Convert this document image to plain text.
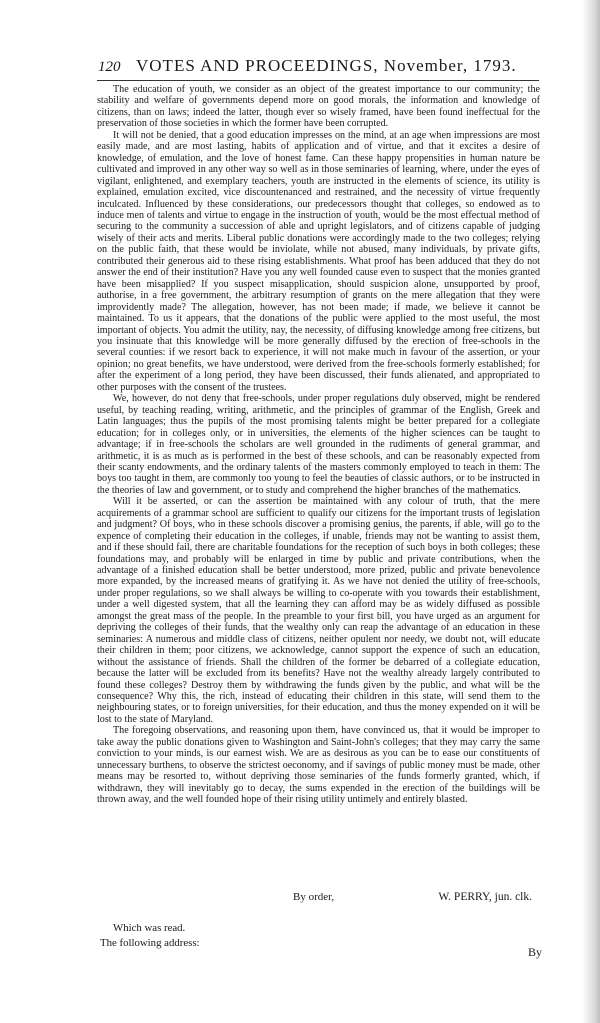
120 VOTES AND PROCEEDINGS, November, 1793.

The education of youth, we consider as an object of the greatest importance to our community; the stability and welfare of governments depend more on good morals, the information and knowledge of citizens, than on laws; indeed the latter, though ever so wisely framed, have been found ineffectual for the preservation of those societies in which the former have been corrupted.

It will not be denied, that a good education impresses on the mind, at an age when impressions are most easily made, and are most lasting, habits of application and of virtue, and that it excites a desire of knowledge, of emulation, and the love of honest fame. Can these happy propensities in human nature be cultivated and improved in any other way so well as in those seminaries of learning, where, under the eyes of vigilant, enlightened, and exemplary teachers, youth are instructed in the elements of science, its utility is explained, emulation excited, vice discountenanced and restrained, and the necessity of virtue frequently inculcated. Influenced by these considerations, our predecessors thought that colleges, so endowed as to induce men of talents and virtue to engage in the instruction of youth, would be the most effectual method of securing to the community a succession of able and upright legislators, and of citizens capable of judging wisely of their acts and merits. Liberal public donations were accordingly made to the two colleges; relying on the public faith, that these would be inviolate, while not abused, many individuals, by private gifts, contributed their generous aid to these rising establishments. What proof has been adduced that they do not answer the end of their institution? Have you any well founded cause even to suspect that the monies granted have been misapplied? If you suspect misapplication, should suspicion alone, unsupported by proof, authorise, in a free government, the arbitrary resumption of grants on the mere allegation that they were improvidently made? The allegation, however, has not been made; if made, we believe it cannot be maintained. To us it appears, that the donations of the public were applied to the most useful, the most important of objects. You admit the utility, nay, the necessity, of diffusing knowledge among free citizens, but you insinuate that this knowledge will be more generally diffused by the erection of free-schools in the several counties: if we resort back to experience, it will not make much in favour of the assertion, or your opinion; no great benefits, we have understood, were derived from the free-schools formerly established; for after the experiment of a long period, they have been discussed, their funds alienated, and appropriated to other purposes with the consent of the trustees.

We, however, do not deny that free-schools, under proper regulations duly observed, might be rendered useful, by teaching reading, writing, arithmetic, and the principles of grammar of the English, Greek and Latin languages; thus the pupils of the most promising talents might be better prepared for a collegiate education; for in colleges only, or in universities, the elements of the higher sciences can be taught to advantage; if in free-schools the scholars are well grounded in the rudiments of general grammar, and arithmetic, it is as much as is performed in the best of these schools, and can be reasonably expected from their scanty endowments, and the ordinary talents of the masters commonly employed to teach in them: The boys too taught in them, are commonly too young to feel the beauties of classic authors, or to be instructed in the theories of law and government, or to study and comprehend the higher branches of the mathematics.

Will it be asserted, or can the assertion be maintained with any colour of truth, that the mere acquirements of a grammar school are sufficient to qualify our citizens for the important trusts of legislation and judgment? Of boys, who in these schools discover a promising genius, the parents, if able, will go to the expence of completing their education in the colleges, if unable, friends may not be wanting to assist them, and if these should fail, there are charitable foundations for the reception of such boys in both colleges; these foundations may, and probably will be enlarged in time by public and private contributions, when the advantage of a finished education shall be better understood, more prized, public and private benevolence more expanded, by the increased means of gratifying it. As we have not denied the utility of free-schools, under proper regulations, so we shall always be willing to co-operate with you towards their establishment, under a well digested system, that all the learning they can afford may be as widely diffused as possible amongst the great mass of the people. In the preamble to your first bill, you have urged as an argument for depriving the colleges of their funds, that the wealthy only can reap the advantage of an education in these seminaries: A numerous and middle class of citizens, neither opulent nor needy, we doubt not, will educate their children in them; poor citizens, we acknowledge, cannot support the expence of such an education, without the assistance of friends. Shall the children of the former be debarred of a collegiate education, because the latter will be excluded from its benefits? Have not the wealthy already largely contributed to found these colleges? Destroy them by withdrawing the funds given by the public, and what will be the consequence? Why this, the rich, instead of educating their children in this state, will send them to the neighbouring states, or to foreign universities, for their education, and thus the money expended on it will be lost to the state of Maryland.

The foregoing observations, and reasoning upon them, have convinced us, that it would be improper to take away the public donations given to Washington and Saint-John's colleges; that they may carry the same conviction to your minds, is our earnest wish. We are as desirous as you can be to ease our constituents of unnecessary burthens, to observe the strictest oeconomy, and if savings of public money must be made, other means may be resorted to, without depriving those seminaries of the funds formerly granted, which, if withdrawn, they will inevitably go to decay, the sums expended in the erection of the buildings will be thrown away, and the well founded hope of their rising utility untimely and entirely blasted.

By order,	W. PERRY, jun. clk.
Which was read.
The following address:
By
